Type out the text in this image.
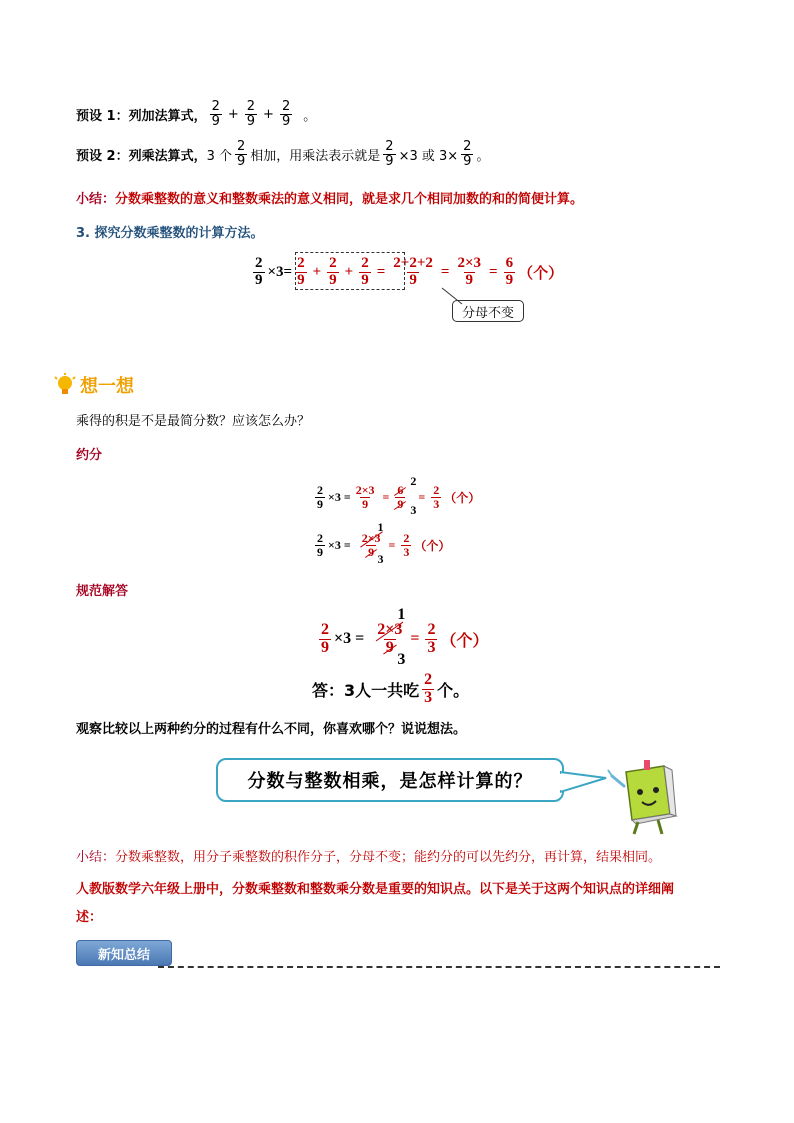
预设 1：列加法算式， $\frac{2}{9} + \frac{2}{9} + \frac{2}{9}$ 。
预设 2：列乘法算式， 3 个 $\frac{2}{9}$ 相加，用乘法表示就是 $\frac{2}{9} \times 3$ 或 $3\times \frac{2}{9}$ 。
小结： 分数乘整数的意义和整数乘法的意义相同，就是求几个相同加数的和的简便计算。
3. 探究分数乘整数的计算方法。
$\frac{2}{9} \times 3= \frac{2}{9} + \frac{2}{9} + \frac{2}{9} = \frac{2+2+2}{9} = \frac{2\times 3}{9} = \frac{6}{9}$ （个）
分母不变
想一想
乘得的积是不是最简分数？应该怎么办？
约分
$\frac{2}{9} \times 3 = \frac{2\times 3}{9} = \frac{6}{9}$
2
3
= $\frac{2}{3}$ （个）
$\frac{2}{9} \times 3 = \frac{2\times 3}{9}$
1
3
= $\frac{2}{3}$ （个）
规范解答
$\frac{2}{9} \times 3 = \frac{2\times 3}{9}$
1
3
= $\frac{2}{3}$ （个）
答：3人一共吃 $\frac{2}{3}$ 个。
观察比较以上两种约分的过程有什么不同，你喜欢哪个？说说想法。
分数与整数相乘，是怎样计算的？
小结： 分数乘整数，用分子乘整数的积作分子，分母不变；能约分的可以先约分，再计算，结果相同。
人教版数学六年级上册中，分数乘整数和整数乘分数是重要的知识点。以下是关于这两个知识点的详细阐
述：
新知总结
